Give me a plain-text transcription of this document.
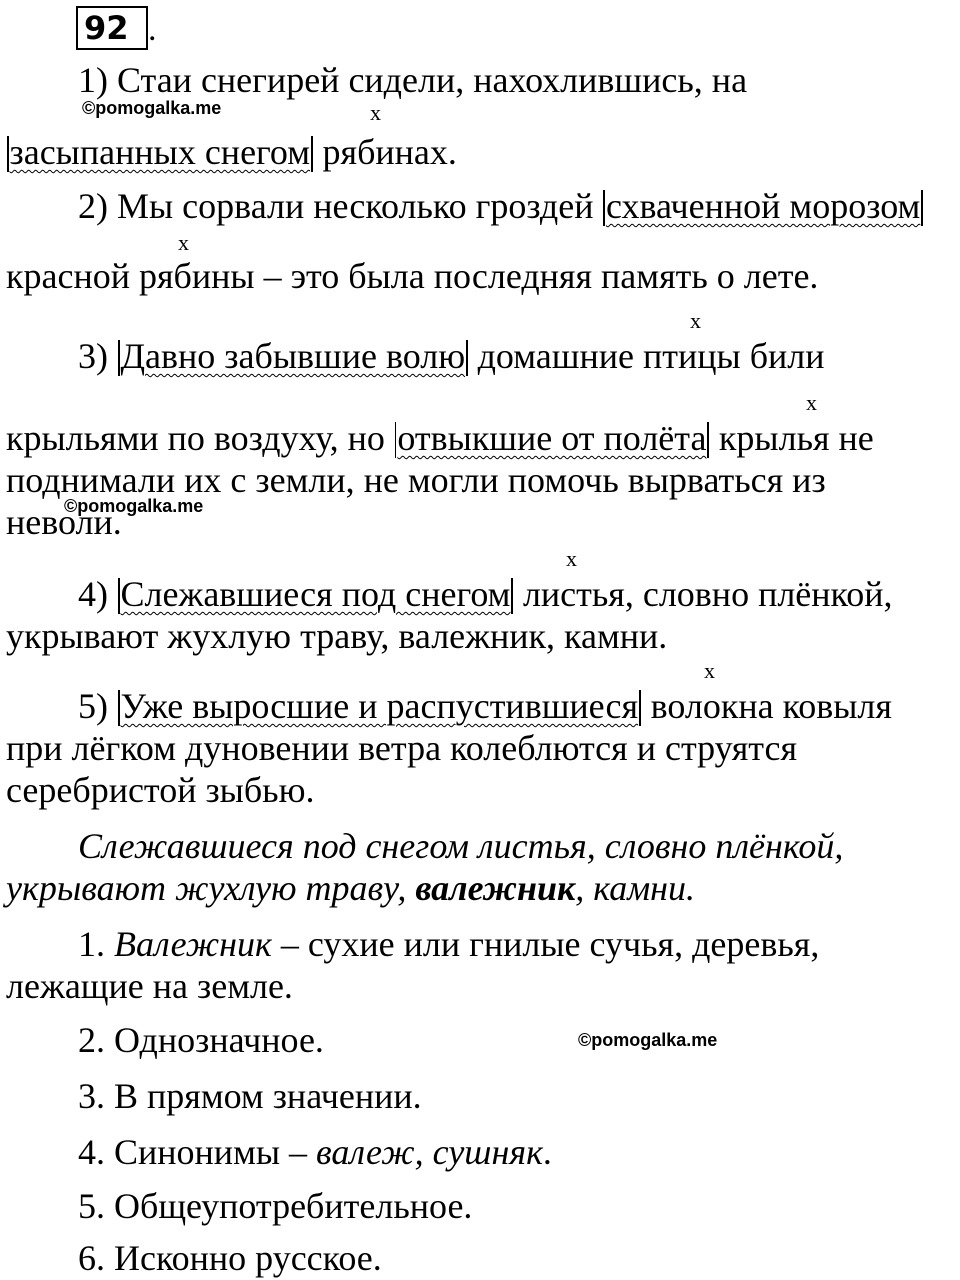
92 .
1) Стаи снегирей сидели, нахохлившись, на
©pomogalka.me	x
засыпанных снегом рябинах.
2) Мы сорвали несколько гроздей схваченной морозом
x
красной рябины – это была последняя память о лете.
x
3) Давно забывшие волю домашние птицы били
x
крыльями по воздуху, но отвыкшие от полёта крылья не
поднимали их с земли, не могли помочь вырваться из
©pomogalka.me
неволи.
x
4) Слежавшиеся под снегом листья, словно плёнкой,
укрывают жухлую траву, валежник, камни.
x
5) Уже выросшие и распустившиеся волокна ковыля
при лёгком дуновении ветра колеблются и струятся
серебристой зыбью.
Слежавшиеся под снегом листья, словно плёнкой,
укрывают жухлую траву, валежник, камни.
1. Валежник – сухие или гнилые сучья, деревья,
лежащие на земле.
2. Однозначное.	©pomogalka.me
3. В прямом значении.
4. Синонимы – валеж, сушняк.
5. Общеупотребительное.
6. Исконно русское.
